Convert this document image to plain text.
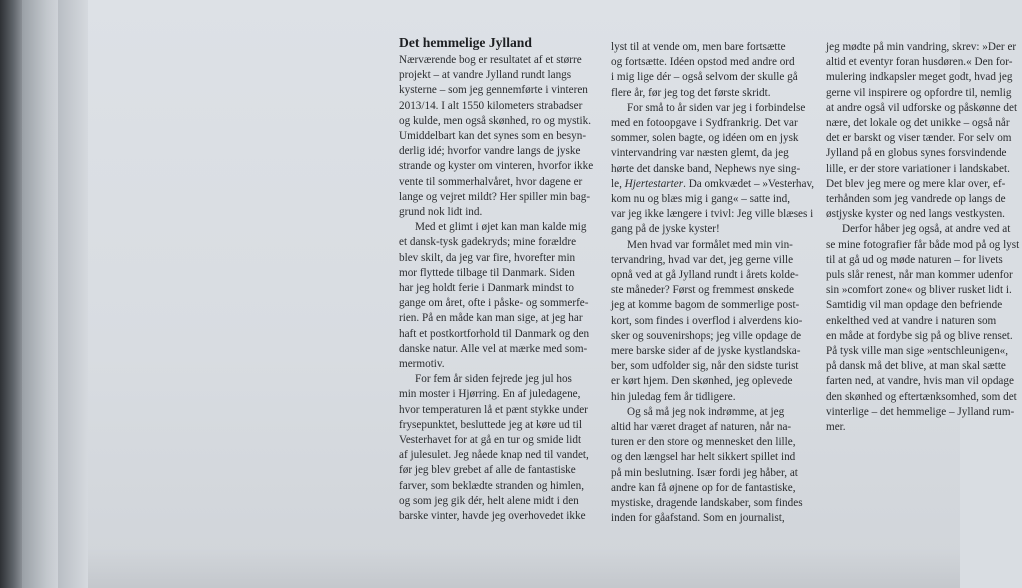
Det hemmelige Jylland
Nærværende bog er resultatet af et større
projekt – at vandre Jylland rundt langs
kysterne – som jeg gennemførte i vinteren
2013/14. I alt 1550 kilometers strabadser
og kulde, men også skønhed, ro og mystik.
Umiddelbart kan det synes som en besyn-
derlig idé; hvorfor vandre langs de jyske
strande og kyster om vinteren, hvorfor ikke
vente til sommerhalvåret, hvor dagene er
lange og vejret mildt? Her spiller min bag-
grund nok lidt ind.
Med et glimt i øjet kan man kalde mig
et dansk-tysk gadekryds; mine forældre
blev skilt, da jeg var fire, hvorefter min
mor flyttede tilbage til Danmark. Siden
har jeg holdt ferie i Danmark mindst to
gange om året, ofte i påske- og sommerfe-
rien. På en måde kan man sige, at jeg har
haft et postkortforhold til Danmark og den
danske natur. Alle vel at mærke med som-
mermotiv.
For fem år siden fejrede jeg jul hos
min moster i Hjørring. En af juledagene,
hvor temperaturen lå et pænt stykke under
frysepunktet, besluttede jeg at køre ud til
Vesterhavet for at gå en tur og smide lidt
af julesulet. Jeg nåede knap ned til vandet,
før jeg blev grebet af alle de fantastiske
farver, som beklædte stranden og himlen,
og som jeg gik dér, helt alene midt i den
barske vinter, havde jeg overhovedet ikke
lyst til at vende om, men bare fortsætte
og fortsætte. Idéen opstod med andre ord
i mig lige dér – også selvom der skulle gå
flere år, før jeg tog det første skridt.
For små to år siden var jeg i forbindelse
med en fotoopgave i Sydfrankrig. Det var
sommer, solen bagte, og idéen om en jysk
vintervandring var næsten glemt, da jeg
hørte det danske band, Nephews nye sing-
le, Hjertestarter. Da omkvædet – »Vesterhav,
kom nu og blæs mig i gang« – satte ind,
var jeg ikke længere i tvivl: Jeg ville blæses i
gang på de jyske kyster!
Men hvad var formålet med min vin-
tervandring, hvad var det, jeg gerne ville
opnå ved at gå Jylland rundt i årets kolde-
ste måneder? Først og fremmest ønskede
jeg at komme bagom de sommerlige post-
kort, som findes i overflod i alverdens kio-
sker og souvenirshops; jeg ville opdage de
mere barske sider af de jyske kystlandska-
ber, som udfolder sig, når den sidste turist
er kørt hjem. Den skønhed, jeg oplevede
hin juledag fem år tidligere.
Og så må jeg nok indrømme, at jeg
altid har været draget af naturen, når na-
turen er den store og mennesket den lille,
og den længsel har helt sikkert spillet ind
på min beslutning. Især fordi jeg håber, at
andre kan få øjnene op for de fantastiske,
mystiske, dragende landskaber, som findes
inden for gåafstand. Som en journalist,
jeg mødte på min vandring, skrev: »Der er
altid et eventyr foran husdøren.« Den for-
mulering indkapsler meget godt, hvad jeg
gerne vil inspirere og opfordre til, nemlig
at andre også vil udforske og påskønne det
nære, det lokale og det unikke – også når
det er barskt og viser tænder. For selv om
Jylland på en globus synes forsvindende
lille, er der store variationer i landskabet.
Det blev jeg mere og mere klar over, ef-
terhånden som jeg vandrede op langs de
østjyske kyster og ned langs vestkysten.
Derfor håber jeg også, at andre ved at
se mine fotografier får både mod på og lyst
til at gå ud og møde naturen – for livets
puls slår renest, når man kommer udenfor
sin »comfort zone« og bliver rusket lidt i.
Samtidig vil man opdage den befriende
enkelthed ved at vandre i naturen som
en måde at fordybe sig på og blive renset.
På tysk ville man sige »entschleunigen«,
på dansk må det blive, at man skal sætte
farten ned, at vandre, hvis man vil opdage
den skønhed og eftertænksomhed, som det
vinterlige – det hemmelige – Jylland rum-
mer.
